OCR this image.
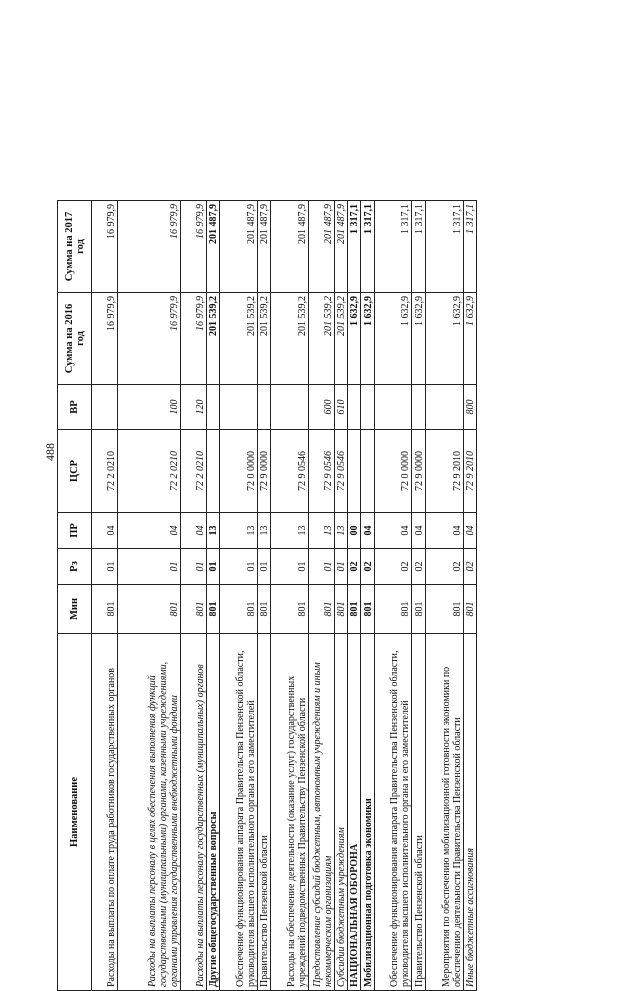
488
Наименование	Мин	Рз	ПР	ЦСР	ВР	Сумма на 2016 год	Сумма на 2017 год
Расходы на выплаты по оплате труда работников государственных органов	801	01	04	72 2 0210		16 979,9	16 979,9
Расходы на выплаты персоналу в целях обеспечения выполнения функций государственными (муниципальными) органами, казенными учреждениями, органами управления государственными внебюджетными фондами	801	01	04	72 2 0210	100	16 979,9	16 979,9
Расходы на выплаты персоналу государственных (муниципальных) органов	801	01	04	72 2 0210	120	16 979,9	16 979,9
Другие общегосударственные вопросы	801	01	13			201 539,2	201 487,9
Обеспечение функционирования аппарата Правительства Пензенской области, руководителя высшего исполнительного органа и его заместителей	801	01	13	72 0 0000		201 539,2	201 487,9
Правительство Пензенской области	801	01	13	72 9 0000		201 539,2	201 487,9
Расходы на обеспечение деятельности (оказание услуг) государственных учреждений подведомственных Правительству Пензенской области	801	01	13	72 9 0546		201 539,2	201 487,9
Предоставление субсидий бюджетным, автономным учреждениям и иным некоммерческим организациям	801	01	13	72 9 0546	600	201 539,2	201 487,9
Субсидии бюджетным учреждениям	801	01	13	72 9 0546	610	201 539,2	201 487,9
НАЦИОНАЛЬНАЯ ОБОРОНА	801	02	00			1 632,9	1 317,1
Мобилизационная подготовка экономики	801	02	04			1 632,9	1 317,1
Обеспечение функционирования аппарата Правительства Пензенской области, руководителя высшего исполнительного органа и его заместителей	801	02	04	72 0 0000		1 632,9	1 317,1
Правительство Пензенской области	801	02	04	72 9 0000		1 632,9	1 317,1
Мероприятия по обеспечению мобилизационной готовности экономики по обеспечению деятельности Правительства Пензенской области	801	02	04	72 9 2010		1 632,9	1 317,1
Иные бюджетные ассигнования	801	02	04	72 9 2010	800	1 632,9	1 317,1
